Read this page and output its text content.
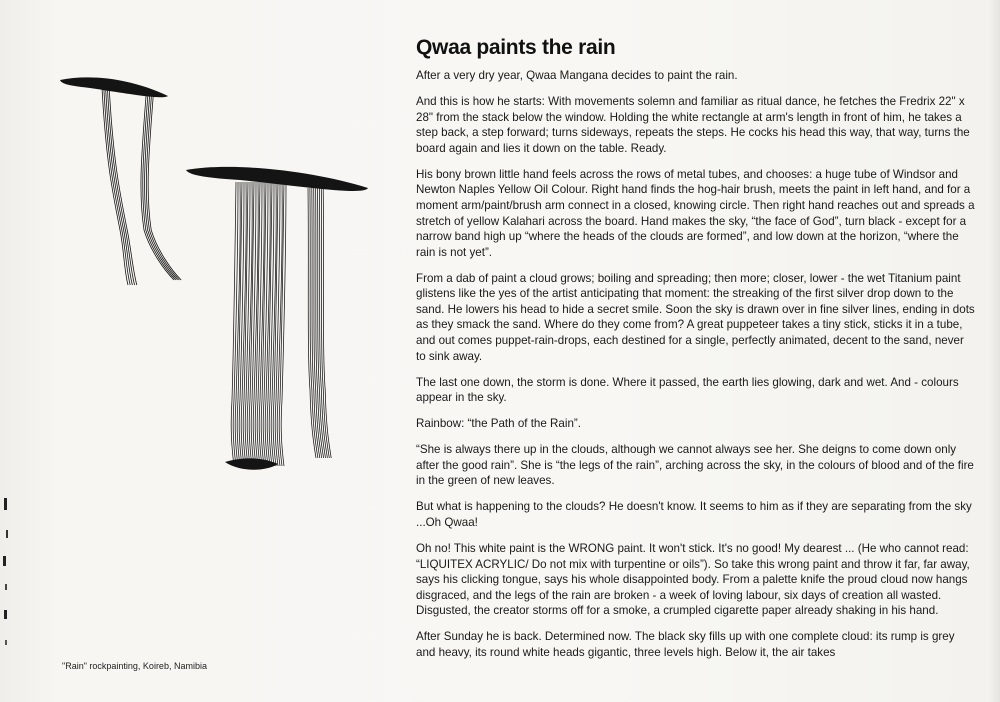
"Rain" rockpainting, Koireb, Namibia
Qwaa paints the rain

After a very dry year, Qwaa Mangana decides to paint the rain.

And this is how he starts: With movements solemn and familiar as ritual dance, he fetches the Fredrix 22" x 28" from the stack below the window. Holding the white rectangle at arm's length in front of him, he takes a step back, a step forward; turns sideways, repeats the steps. He cocks his head this way, that way, turns the board again and lies it down on the table. Ready.

His bony brown little hand feels across the rows of metal tubes, and chooses: a huge tube of Windsor and Newton Naples Yellow Oil Colour. Right hand finds the hog-hair brush, meets the paint in left hand, and for a moment arm/paint/brush arm connect in a closed, knowing circle. Then right hand reaches out and spreads a stretch of yellow Kalahari across the board. Hand makes the sky, “the face of God”, turn black - except for a narrow band high up “where the heads of the clouds are formed”, and low down at the horizon, “where the rain is not yet”.

From a dab of paint a cloud grows; boiling and spreading; then more; closer, lower - the wet Titanium paint glistens like the yes of the artist anticipating that moment: the streaking of the first silver drop down to the sand. He lowers his head to hide a secret smile. Soon the sky is drawn over in fine silver lines, ending in dots as they smack the sand. Where do they come from? A great puppeteer takes a tiny stick, sticks it in a tube, and out comes puppet-rain-drops, each destined for a single, perfectly animated, decent to the sand, never to sink away.

The last one down, the storm is done. Where it passed, the earth lies glowing, dark and wet. And - colours appear in the sky.

Rainbow: “the Path of the Rain”.

“She is always there up in the clouds, although we cannot always see her. She deigns to come down only after the good rain”. She is “the legs of the rain”, arching across the sky, in the colours of blood and of the fire in the green of new leaves.

But what is happening to the clouds? He doesn't know. It seems to him as if they are separating from the sky ...Oh Qwaa!

Oh no! This white paint is the WRONG paint. It won't stick. It's no good! My dearest ... (He who cannot read: “LIQUITEX ACRYLIC/ Do not mix with turpentine or oils”). So take this wrong paint and throw it far, far away, says his clicking tongue, says his whole disappointed body. From a palette knife the proud cloud now hangs disgraced, and the legs of the rain are broken - a week of loving labour, six days of creation all wasted. Disgusted, the creator storms off for a smoke, a crumpled cigarette paper already shaking in his hand.

After Sunday he is back. Determined now. The black sky fills up with one complete cloud: its rump is grey and heavy, its round white heads gigantic, three levels high. Below it, the air takes
